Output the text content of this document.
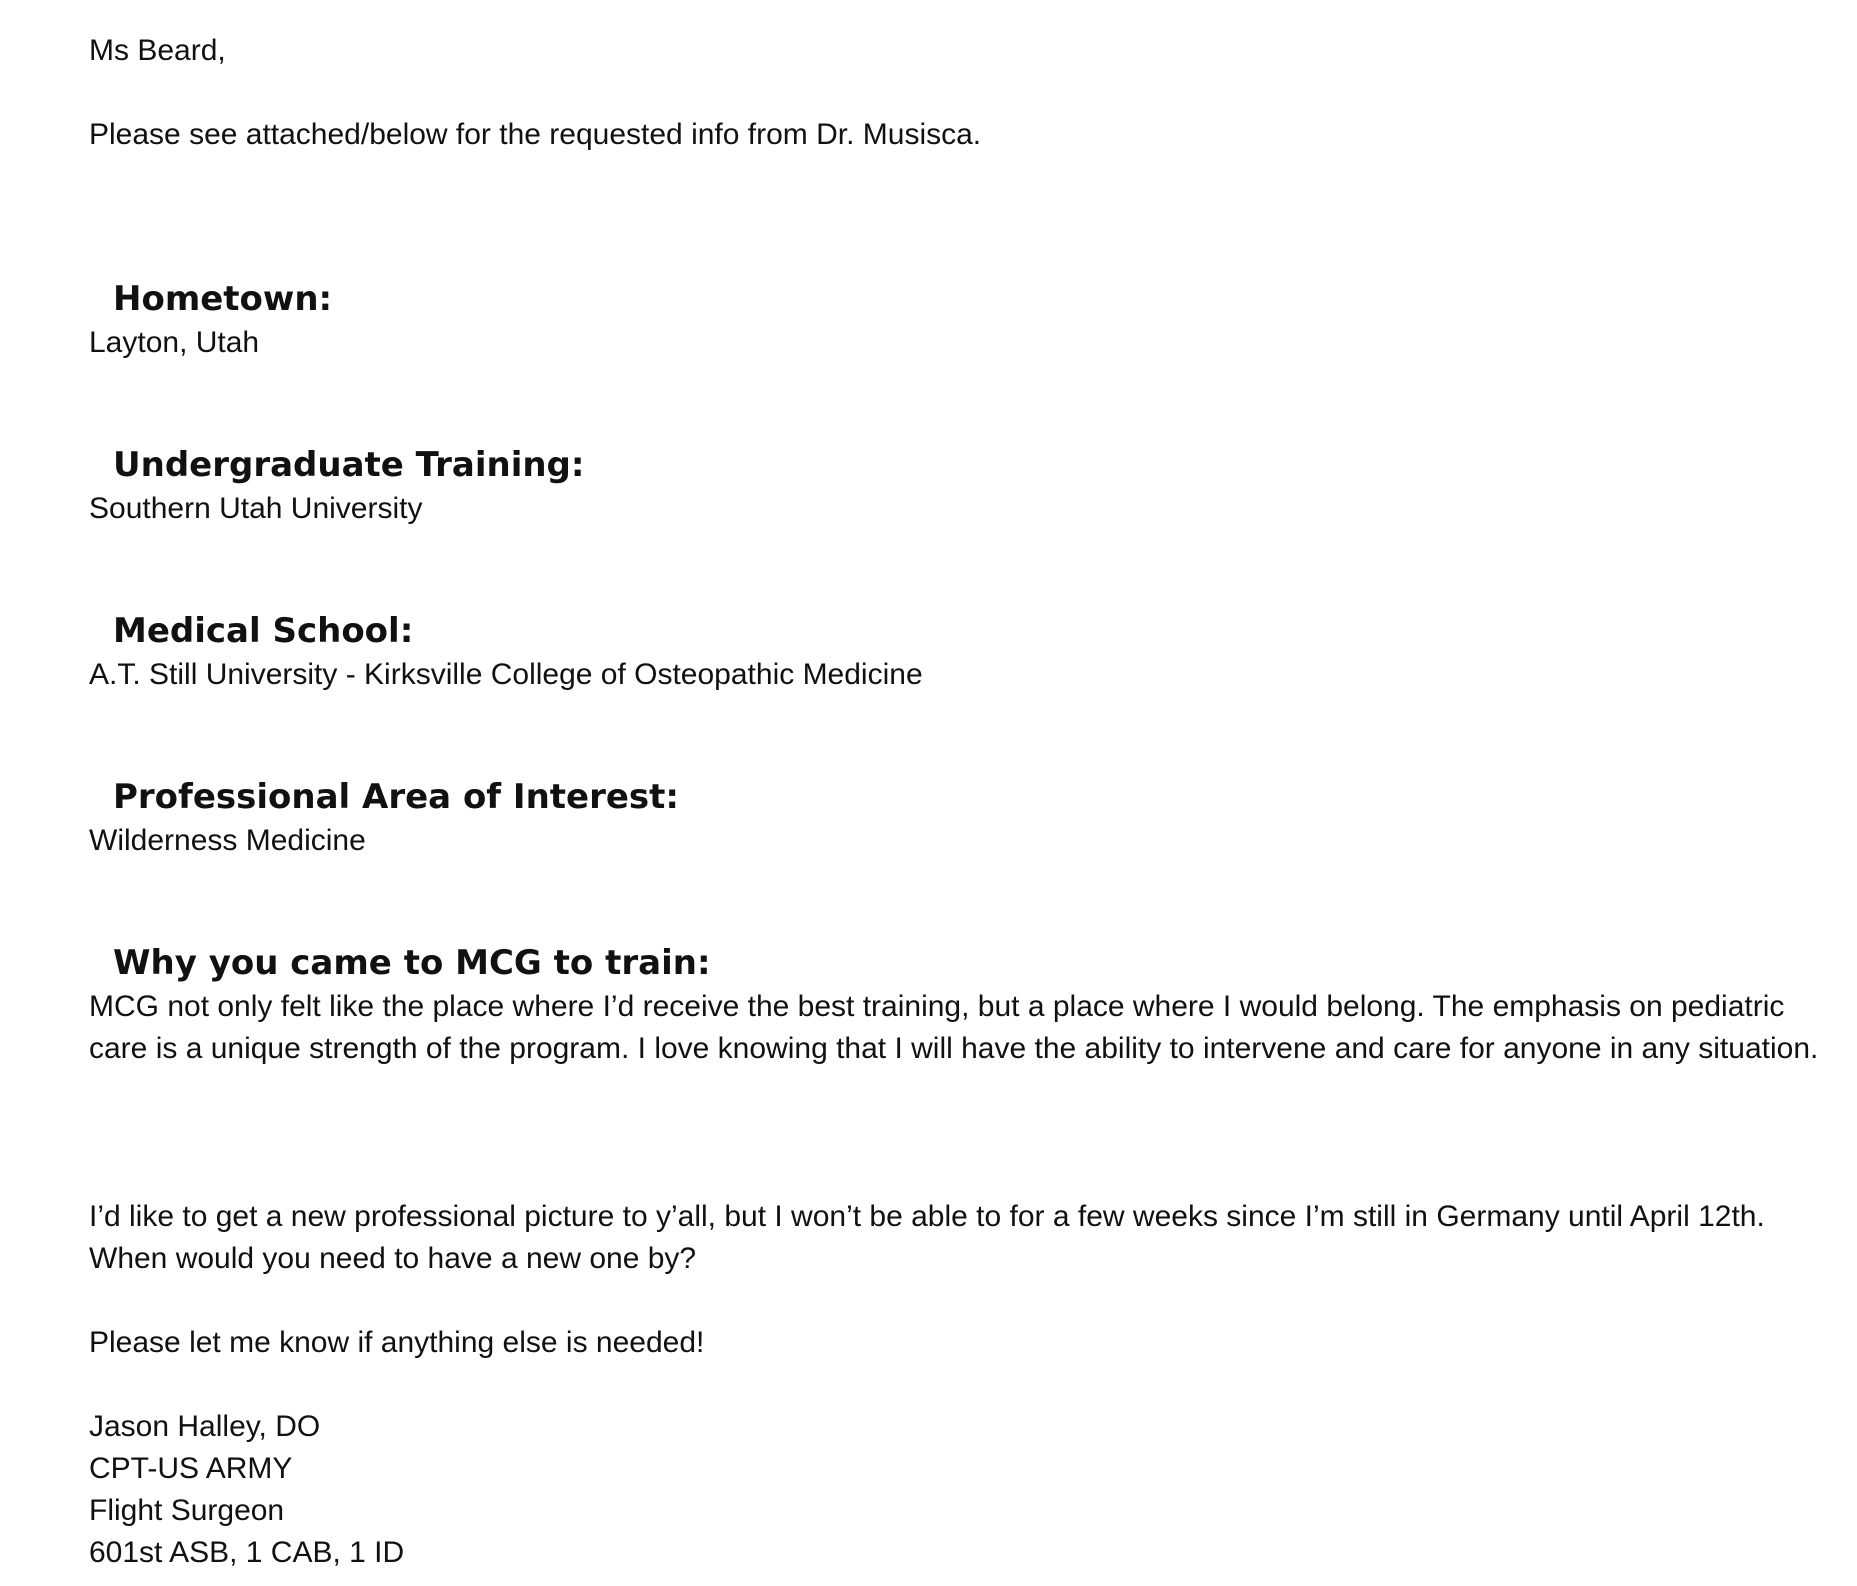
Ms Beard,
Please see attached/below for the requested info from Dr. Musisca.
Hometown:
Layton, Utah
Undergraduate Training:
Southern Utah University
Medical School:
A.T. Still University - Kirksville College of Osteopathic Medicine
Professional Area of Interest:
Wilderness Medicine
Why you came to MCG to train:
MCG not only felt like the place where I’d receive the best training, but a place where I would belong. The emphasis on pediatric care is a unique strength of the program. I love knowing that I will have the ability to intervene and care for anyone in any situation.
I’d like to get a new professional picture to y’all, but I won’t be able to for a few weeks since I’m still in Germany until April 12th. When would you need to have a new one by?
Please let me know if anything else is needed!
Jason Halley, DO
CPT-US ARMY
Flight Surgeon
601st ASB, 1 CAB, 1 ID
